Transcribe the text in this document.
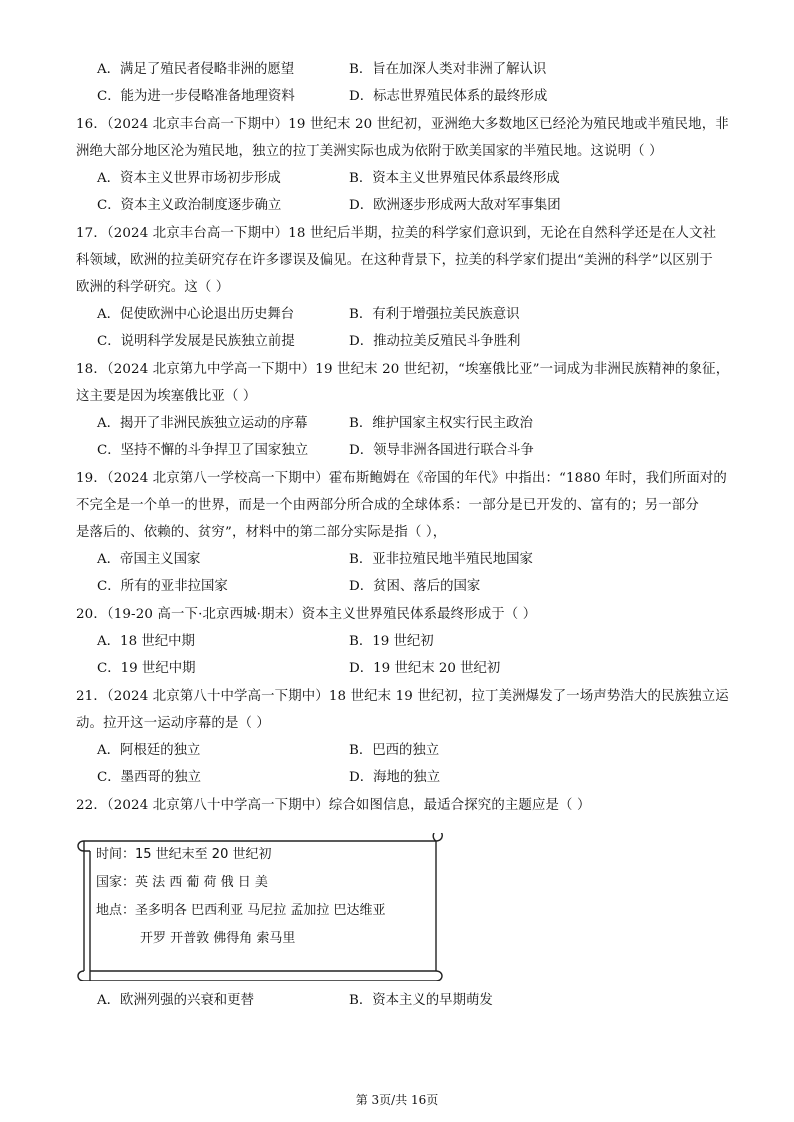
A．满足了殖民者侵略非洲的愿望	B．旨在加深人类对非洲了解认识
C．能为进一步侵略准备地理资料	D．标志世界殖民体系的最终形成
16．（2024 北京丰台高一下期中）19 世纪末 20 世纪初，亚洲绝大多数地区已经沦为殖民地或半殖民地，非
洲绝大部分地区沦为殖民地，独立的拉丁美洲实际也成为依附于欧美国家的半殖民地。这说明（ ）
A．资本主义世界市场初步形成	B．资本主义世界殖民体系最终形成
C．资本主义政治制度逐步确立	D．欧洲逐步形成两大敌对军事集团
17．（2024 北京丰台高一下期中）18 世纪后半期，拉美的科学家们意识到，无论在自然科学还是在人文社
科领域，欧洲的拉美研究存在许多谬误及偏见。在这种背景下，拉美的科学家们提出“美洲的科学”以区别于
欧洲的科学研究。这（ ）
A．促使欧洲中心论退出历史舞台	B．有利于增强拉美民族意识
C．说明科学发展是民族独立前提	D．推动拉美反殖民斗争胜利
18．（2024 北京第九中学高一下期中）19 世纪末 20 世纪初，“埃塞俄比亚”一词成为非洲民族精神的象征，
这主要是因为埃塞俄比亚（ ）
A．揭开了非洲民族独立运动的序幕	B．维护国家主权实行民主政治
C．坚持不懈的斗争捍卫了国家独立	D．领导非洲各国进行联合斗争
19．（2024 北京第八一学校高一下期中）霍布斯鲍姆在《帝国的年代》中指出：“1880 年时，我们所面对的
不完全是一个单一的世界，而是一个由两部分所合成的全球体系：一部分是已开发的、富有的；另一部分
是落后的、依赖的、贫穷”，材料中的第二部分实际是指（ ），
A．帝国主义国家	B．亚非拉殖民地半殖民地国家
C．所有的亚非拉国家	D．贫困、落后的国家
20．（19-20 高一下·北京西城·期末）资本主义世界殖民体系最终形成于（ ）
A．18 世纪中期	B．19 世纪初
C．19 世纪中期	D．19 世纪末 20 世纪初
21．（2024 北京第八十中学高一下期中）18 世纪末 19 世纪初，拉丁美洲爆发了一场声势浩大的民族独立运
动。拉开这一运动序幕的是（ ）
A．阿根廷的独立	B．巴西的独立
C．墨西哥的独立	D．海地的独立
22．（2024 北京第八十中学高一下期中）综合如图信息，最适合探究的主题应是（ ）
时间：15 世纪末至 20 世纪初
国家：英 法 西 葡 荷 俄 日 美
地点：圣多明各 巴西利亚 马尼拉 孟加拉 巴达维亚
开罗 开普敦 佛得角 索马里
A．欧洲列强的兴衰和更替	B．资本主义的早期萌发
第 3页/共 16页
